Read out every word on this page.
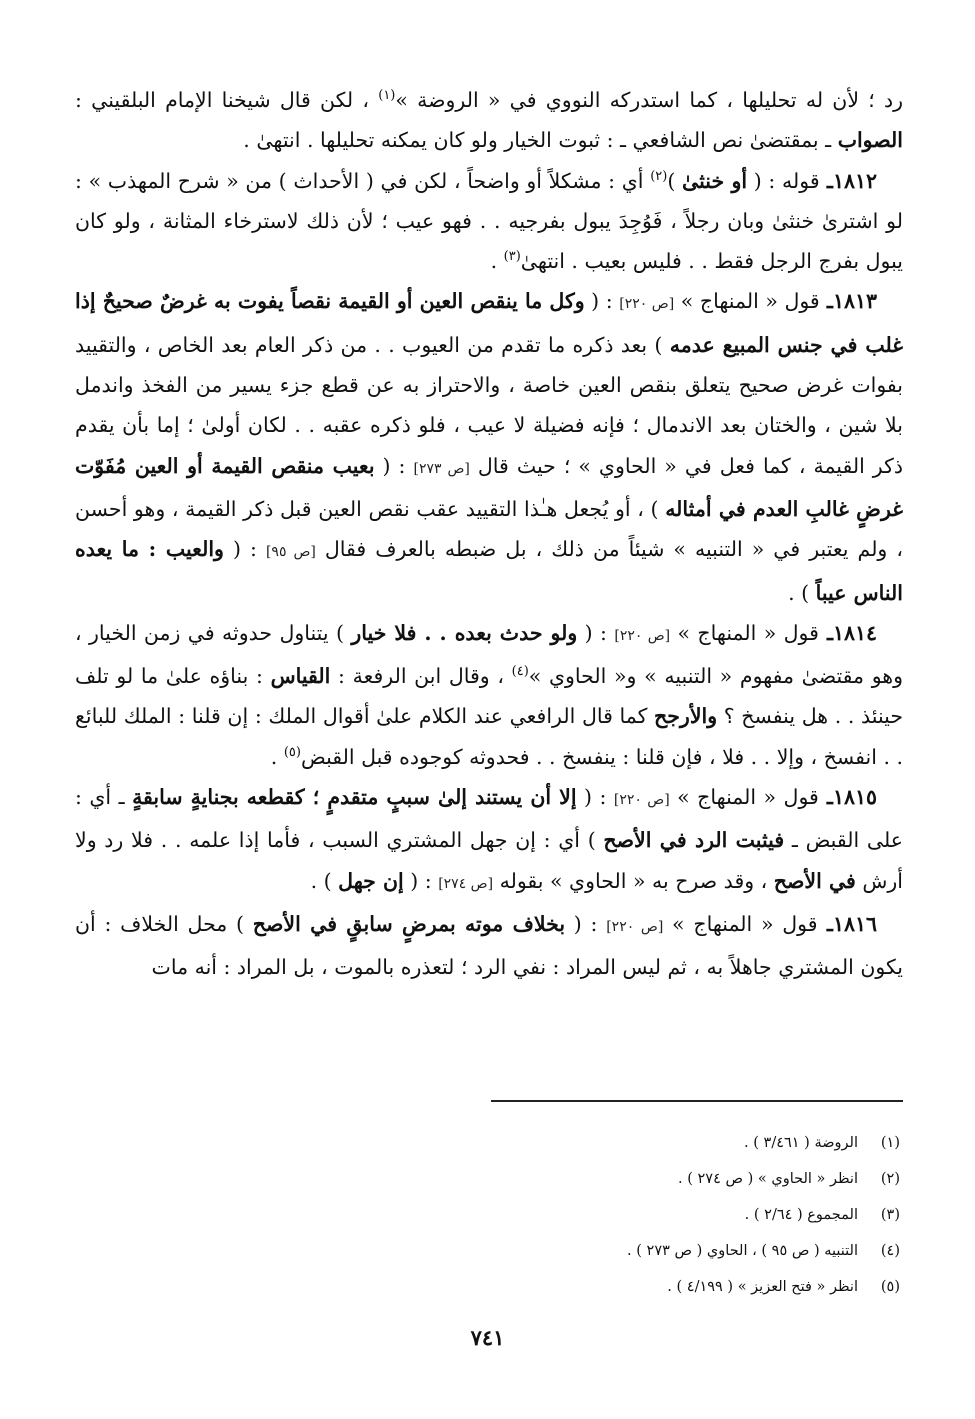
رد ؛ لأن له تحليلها ، كما استدركه النووي في « الروضة »$^{(١)}$ ، لكن قال شيخنا الإمام البلقيني : الصواب ـ بمقتضىٰ نص الشافعي ـ : ثبوت الخيار ولو كان يمكنه تحليلها . انتهىٰ .

١٨١٢ـ قوله : ( أو خنثىٰ )$^{(٢)}$ أي : مشكلاً أو واضحاً ، لكن في ( الأحداث ) من « شرح المهذب » : لو اشترىٰ خنثىٰ وبان رجلاً ، فَوُجِدَ يبول بفرجيه . . فهو عيب ؛ لأن ذلك لاسترخاء المثانة ، ولو كان يبول بفرج الرجل فقط . . فليس بعيب . انتهىٰ$^{(٣)}$ .

١٨١٣ـ قول « المنهاج » [ص ٢٢٠] : ( وكل ما ينقص العين أو القيمة نقصاً يفوت به غرضٌ صحيحٌ إذا غلب في جنس المبيع عدمه ) بعد ذكره ما تقدم من العيوب . . من ذكر العام بعد الخاص ، والتقييد بفوات غرض صحيح يتعلق بنقص العين خاصة ، والاحتراز به عن قطع جزء يسير من الفخذ واندمل بلا شين ، والختان بعد الاندمال ؛ فإنه فضيلة لا عيب ، فلو ذكره عقبه . . لكان أولىٰ ؛ إما بأن يقدم ذكر القيمة ، كما فعل في « الحاوي » ؛ حيث قال [ص ٢٧٣] : ( بعيب منقص القيمة أو العين مُفَوّت غرضٍ غالبِ العدم في أمثاله ) ، أو يُجعل هـٰذا التقييد عقب نقص العين قبل ذكر القيمة ، وهو أحسن ، ولم يعتبر في « التنبيه » شيئاً من ذلك ، بل ضبطه بالعرف فقال [ص ٩٥] : ( والعيب : ما يعده الناس عيباً ) .

١٨١٤ـ قول « المنهاج » [ص ٢٢٠] : ( ولو حدث بعده . . فلا خيار ) يتناول حدوثه في زمن الخيار ، وهو مقتضىٰ مفهوم « التنبيه » و« الحاوي »$^{(٤)}$ ، وقال ابن الرفعة : القياس : بناؤه علىٰ ما لو تلف حينئذ . . هل ينفسخ ؟ والأرجح كما قال الرافعي عند الكلام علىٰ أقوال الملك : إن قلنا : الملك للبائع . . انفسخ ، وإلا . . فلا ، فإن قلنا : ينفسخ . . فحدوثه كوجوده قبل القبض$^{(٥)}$ .

١٨١٥ـ قول « المنهاج » [ص ٢٢٠] : ( إلا أن يستند إلىٰ سببٍ متقدمٍ ؛ كقطعه بجنايةٍ سابقةٍ ـ أي : على القبض ـ فيثبت الرد في الأصح ) أي : إن جهل المشتري السبب ، فأما إذا علمه . . فلا رد ولا أرش في الأصح ، وقد صرح به « الحاوي » بقوله [ص ٢٧٤] : ( إن جهل ) .

١٨١٦ـ قول « المنهاج » [ص ٢٢٠] : ( بخلاف موته بمرضٍ سابقٍ في الأصح ) محل الخلاف : أن يكون المشتري جاهلاً به ، ثم ليس المراد : نفي الرد ؛ لتعذره بالموت ، بل المراد : أنه مات

(١)
الروضة ( ٣/٤٦١ ) .
(٢)
انظر « الحاوي » ( ص ٢٧٤ ) .
(٣)
المجموع ( ٢/٦٤ ) .
(٤)
التنبيه ( ص ٩٥ ) ، الحاوي ( ص ٢٧٣ ) .
(٥)
انظر « فتح العزيز » ( ٤/١٩٩ ) .
٧٤١
